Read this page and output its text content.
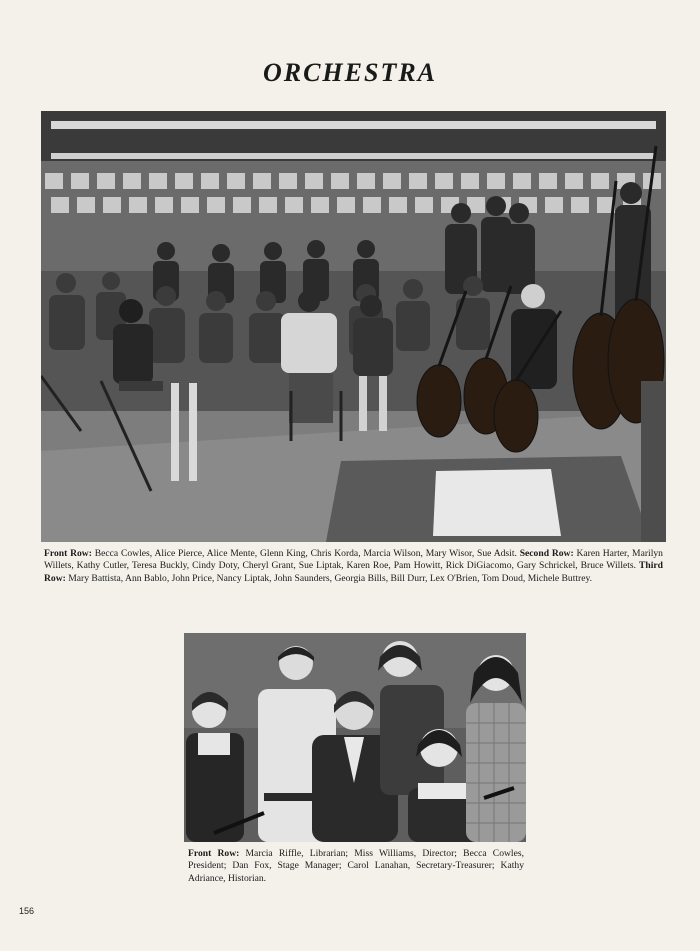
ORCHESTRA

Front Row: Becca Cowles, Alice Pierce, Alice Mente, Glenn King, Chris Korda, Marcia Wilson, Mary Wisor, Sue Adsit. Second Row: Karen Harter, Marilyn Willets, Kathy Cutler, Teresa Buckly, Cindy Doty, Cheryl Grant, Sue Liptak, Karen Roe, Pam Howitt, Rick DiGiacomo, Gary Schrickel, Bruce Willets. Third Row: Mary Battista, Ann Bablo, John Price, Nancy Liptak, John Saunders, Georgia Bills, Bill Durr, Lex O'Brien, Tom Doud, Michele Buttrey.

Front Row: Marcia Riffle, Librarian; Miss Williams, Director; Becca Cowles, President; Dan Fox, Stage Manager; Carol Lanahan, Secretary-Treasurer; Kathy Adriance, Historian.

156
